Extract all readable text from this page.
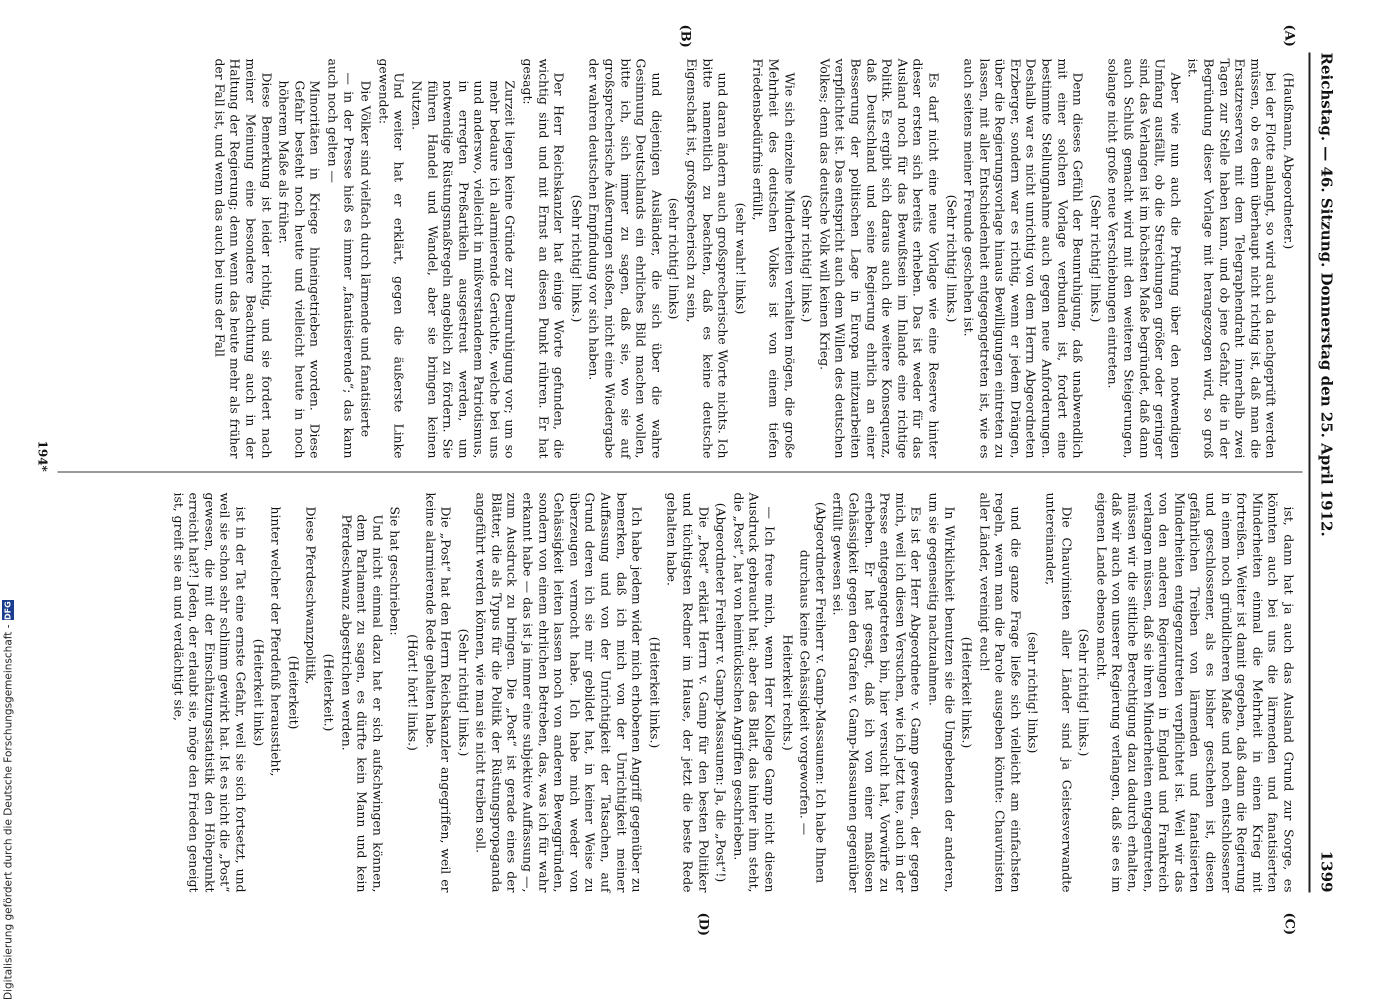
Reichstag. — 46. Sitzung. Donnerstag den 25. April 1912.
1399
(A)
(B)
(C)
(D)

(Haußmann, Abgeordneter.)

bei der Flotte anlangt, so wird auch da nachgeprüft werden müssen, ob es denn überhaupt nicht richtig ist, daß man die Ersatzreserven mit dem Telegraphendraht innerhalb zwei Tagen zur Stelle haben kann, und ob jene Gefahr, die in der Begründung dieser Vorlage mit herangezogen wird, so groß ist.

Aber wie nun auch die Prüfung über den notwendigen Umfang ausfällt, ob die Streichungen größer oder geringer sind, das Verlangen ist im höchsten Maße begründet, daß dann auch Schluß gemacht wird mit den weiteren Steigerungen, solange nicht große neue Verschiebungen eintreten.

(Sehr richtig! links.)

Denn dieses Gefühl der Beunruhigung, daß unabwendlich mit einer solchen Vorlage verbunden ist, fordert eine bestimmte Stellungnahme auch gegen neue Anforderungen. Deshalb war es nicht unrichtig von dem Herrn Abgeordneten Erzberger, sondern war es richtig, wenn er jedem Drängen, über die Regierungsvorlage hinaus Bewilligungen eintreten zu lassen, mit aller Entschiedenheit entgegengetreten ist, wie es auch seitens meiner Freunde geschehen ist.

(Sehr richtig! links.)

Es darf nicht eine neue Vorlage wie eine Reserve hinter dieser ersten sich bereits erheben. Das ist weder für das Ausland noch für das Bewußtsein im Inlande eine richtige Politik. Es ergibt sich daraus auch die weitere Konsequenz, daß Deutschland und seine Regierung ehrlich an einer Besserung der politischen Lage in Europa mitzuarbeiten verpflichtet ist. Das entspricht auch dem Willen des deutschen Volkes; denn das deutsche Volk will keinen Krieg.

(Sehr richtig! links.)

Wie sich einzelne Minderheiten verhalten mögen, die große Mehrheit des deutschen Volkes ist von einem tiefen Friedensbedürfnis erfüllt,

(sehr wahr! links)

und daran ändern auch großsprecherische Worte nichts. Ich bitte namentlich zu beachten, daß es keine deutsche Eigenschaft ist, großsprecherisch zu sein,

(sehr richtig! links)

und diejenigen Ausländer, die sich über die wahre Gesinnung Deutschlands ein ehrliches Bild machen wollen, bitte ich, sich immer zu sagen, daß sie, wo sie auf großsprecherische Äußerungen stoßen, nicht eine Wiedergabe der wahren deutschen Empfindung vor sich haben.

(Sehr richtig! links.)

Der Herr Reichskanzler hat einige Worte gefunden, die wichtig sind und mit Ernst an diesen Punkt rühren. Er hat gesagt:

Zurzeit liegen keine Gründe zur Beunruhigung vor; um so mehr bedaure ich alarmierende Gerüchte, welche bei uns und anderswo, vielleicht in mißverstandenem Patriotismus, in erregten Preßartikeln ausgestreut werden, um notwendige Rüstungsmaßregeln angeblich zu fördern. Sie führen Handel und Wandel, aber sie bringen keinen Nutzen.

Und weiter hat er erklärt, gegen die äußerste Linke gewendet:

Die Völker sind vielfach durch lärmende und fanatisierte

— in der Presse hieß es immer „fanatisierende“; das kann auch noch gelten —

Minoritäten in Kriege hineingetrieben worden. Diese Gefahr besteht noch heute und vielleicht heute in noch höherem Maße als früher.

Diese Bemerkung ist leider richtig, und sie fordert nach meiner Meinung eine besondere Beachtung auch in der Haltung der Regierung; denn wenn das heute mehr als früher der Fall ist, und wenn das auch bei uns der Fall

ist, dann hat ja auch das Ausland Grund zur Sorge, es könnten auch bei uns die lärmenden und fanatisierten Minderheiten einmal die Mehrheit in einen Krieg mit fortreißen. Weiter ist damit gegeben, daß dann die Regierung in einem noch gründlicheren Maße und noch entschlossener und geschlossener, als es bisher geschehen ist, diesen gefährlichen Treiben von lärmenden und fanatisierten Minderheiten entgegenzutreten verpflichtet ist. Weil wir das von den anderen Regierungen in England und Frankreich verlangen müssen, daß sie ihren Minderheiten entgegentreten, müssen wir die sittliche Berechtigung dazu dadurch erhalten, daß wir auch von unserer Regierung verlangen, daß sie es im eigenen Lande ebenso macht.

(Sehr richtig! links.)

Die Chauvinisten aller Länder sind ja Geistesverwandte untereinander,

(sehr richtig! links)

und die ganze Frage ließe sich vielleicht am einfachsten regeln, wenn man die Parole ausgeben könnte: Chauvinisten aller Länder, vereinigt euch!

(Heiterkeit links.)

In Wirklichkeit benutzen sie die Umgebenden der anderen, um sie gegenseitig nachzuahmen.

Es ist der Herr Abgeordnete v. Gamp gewesen, der gegen mich, weil ich diesen Versuchen, wie ich jetzt tue, auch in der Presse entgegengetreten bin, hier versucht hat, Vorwürfe zu erheben. Er hat gesagt, daß ich von einer maßlosen Gehässigkeit gegen den Grafen v. Gamp-Massaunen gegenüber erfüllt gewesen sei.

(Abgeordneter Freiherr v. Gamp-Massaunen: Ich habe Ihnen durchaus keine Gehässigkeit vorgeworfen. —

Heiterkeit rechts.)

— Ich freue mich, wenn Herr Kollege Gamp nicht diesen Ausdruck gebraucht hat; aber das Blatt, das hinter ihm steht, die „Post“, hat von heimtückischen Angriffen geschrieben.

(Abgeordneter Freiherr v. Gamp-Massaunen: Ja, die „Post“!)

Die „Post“ erklärt Herrn v. Gamp für den besten Politiker und tüchtigsten Redner im Hause, der jetzt die beste Rede gehalten habe.

(Heiterkeit links.)

Ich habe jedem wider mich erhobenen Angriff gegenüber zu bemerken, daß ich mich von der Unrichtigkeit meiner Auffassung und von der Unrichtigkeit der Tatsachen, auf Grund deren ich sie mir gebildet hat, in keiner Weise zu überzeugen vermocht habe. Ich habe mich weder von Gehässigkeit leiten lassen noch von anderen Beweggründen, sondern von einem ehrlichen Betreben, das, was ich für wahr erkannt habe — das ist ja immer eine subjektive Auffassung —, zum Ausdruck zu bringen. Die „Post“ ist gerade eines der Blätter, die als Typus für die Politik der Rüstungspropaganda angeführt werden können, wie man sie nicht treiben soll.

(Sehr richtig! links.)

Die „Post“ hat den Herrn Reichskanzler angegriffen, weil er keine alarmierende Rede gehalten habe.

(Hört! hört! links.)

Sie hat geschrieben:

Und nicht einmal dazu hat er sich aufschwingen können, dem Parlament zu sagen, es dürfte kein Mann und kein Pferdeschwanz abgestrichen werden.

(Heiterkeit.)

Diese Pferdeschwanzpolitik,

(Heiterkeit)

hinter welcher der Pferdefuß herausstieht,

(Heiterkeit links)

ist in der Tat eine ernste Gefahr, weil sie sich fortsetzt, und weil sie schon sehr schlimm gewirkt hat. Ist es nicht die „Post“ gewesen, die mit der Einschätzungsstatistik den Höhepunkt erreicht hat?! Jeden, der erlaubt sie, möge den Frieden geneigt ist, greift sie an und verdächtigt sie,

194*
Digitalisierung gefördert durch die Deutsche Forschungsgemeinschaft -
DFG
